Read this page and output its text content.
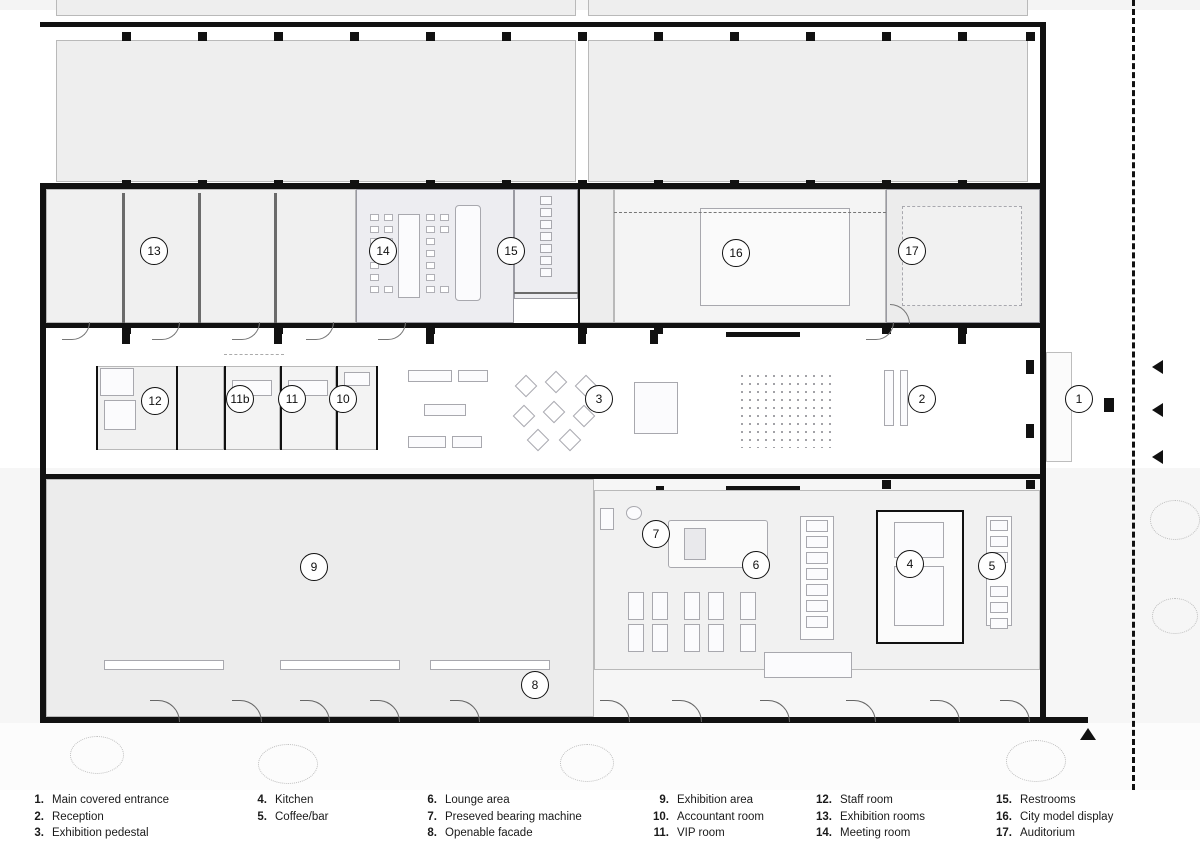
1
2
3
4	5
6
7
8
9
10
11
11b
12
13	14	15	16	17
1. Main covered entrance
2. Reception
3. Exhibition pedestal
4. Kitchen
5. Coffee/bar
6. Lounge area
7. Preseved bearing machine
8. Openable facade
9. Exhibition area
10. Accountant room
11. VIP room
12. Staff room
13. Exhibition rooms
14. Meeting room
15. Restrooms
16. City model display
17. Auditorium
